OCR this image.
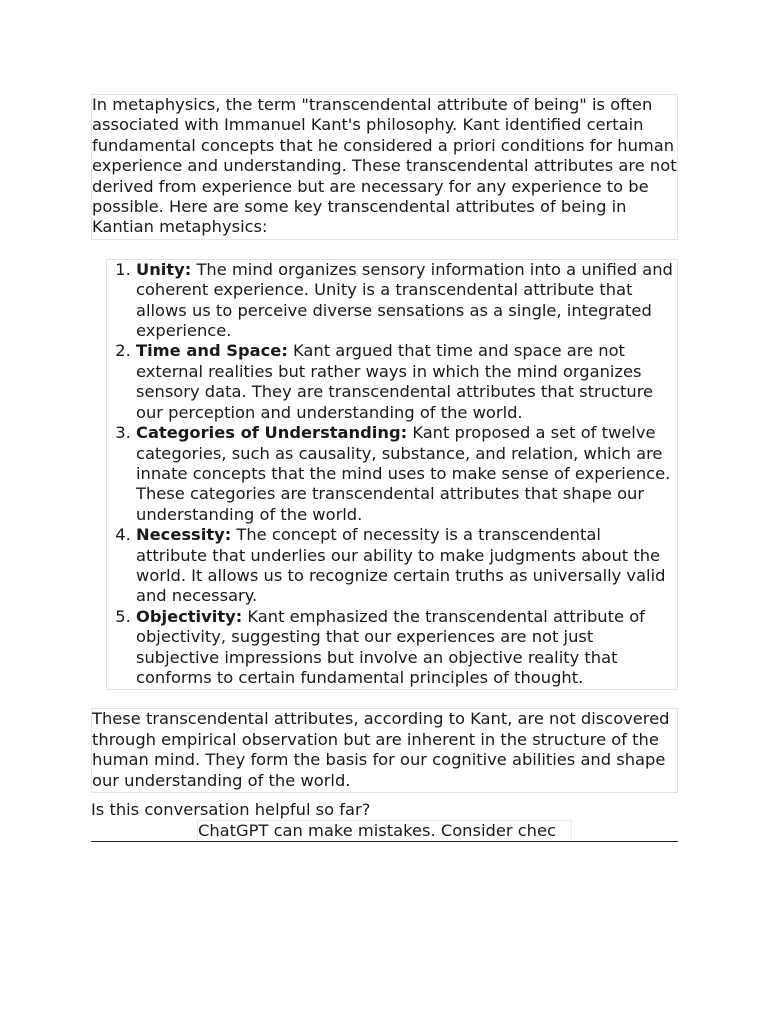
In metaphysics, the term "transcendental attribute of being" is often associated with Immanuel Kant's philosophy. Kant identified certain fundamental concepts that he considered a priori conditions for human experience and understanding. These transcendental attributes are not derived from experience but are necessary for any experience to be possible. Here are some key transcendental attributes of being in Kantian metaphysics:

1. Unity: The mind organizes sensory information into a unified and coherent experience. Unity is a transcendental attribute that allows us to perceive diverse sensations as a single, integrated experience.
2. Time and Space: Kant argued that time and space are not external realities but rather ways in which the mind organizes sensory data. They are transcendental attributes that structure our perception and understanding of the world.
3. Categories of Understanding: Kant proposed a set of twelve categories, such as causality, substance, and relation, which are innate concepts that the mind uses to make sense of experience. These categories are transcendental attributes that shape our understanding of the world.
4. Necessity: The concept of necessity is a transcendental attribute that underlies our ability to make judgments about the world. It allows us to recognize certain truths as universally valid and necessary.
5. Objectivity: Kant emphasized the transcendental attribute of objectivity, suggesting that our experiences are not just subjective impressions but involve an objective reality that conforms to certain fundamental principles of thought.

These transcendental attributes, according to Kant, are not discovered through empirical observation but are inherent in the structure of the human mind. They form the basis for our cognitive abilities and shape our understanding of the world.

Is this conversation helpful so far?
ChatGPT can make mistakes. Consider chec
